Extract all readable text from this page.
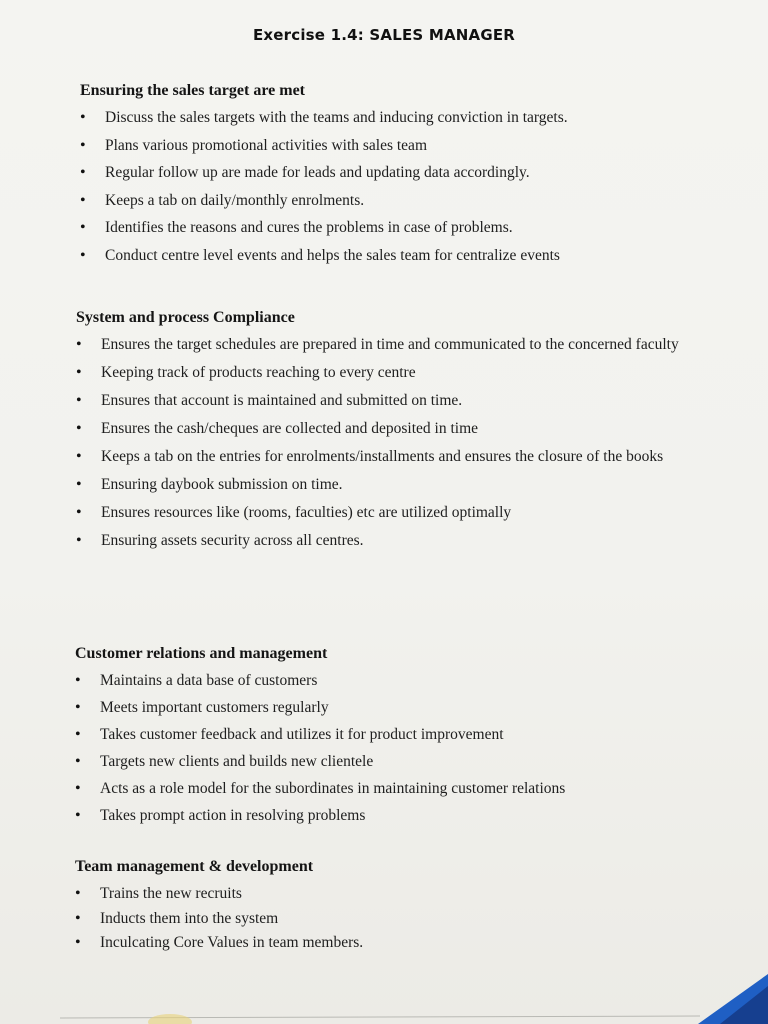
Exercise 1.4: SALES MANAGER
Ensuring the sales target are met
• Discuss the sales targets with the teams and inducing conviction in targets.
• Plans various promotional activities with sales team
• Regular follow up are made for leads and updating data accordingly.
• Keeps a tab on daily/monthly enrolments.
• Identifies the reasons and cures the problems in case of problems.
• Conduct centre level events and helps the sales team for centralize events
System and process Compliance
• Ensures the target schedules are prepared in time and communicated to the concerned faculty
• Keeping track of products reaching to every centre
• Ensures that account is maintained and submitted on time.
• Ensures the cash/cheques are collected and deposited in time
• Keeps a tab on the entries for enrolments/installments and ensures the closure of the books
• Ensuring daybook submission on time.
• Ensures resources like (rooms, faculties) etc are utilized optimally
• Ensuring assets security across all centres.
Customer relations and management
• Maintains a data base of customers
• Meets important customers regularly
• Takes customer feedback and utilizes it for product improvement
• Targets new clients and builds new clientele
• Acts as a role model for the subordinates in maintaining customer relations
• Takes prompt action in resolving problems
Team management & development
• Trains the new recruits
• Inducts them into the system
• Inculcating Core Values in team members.
